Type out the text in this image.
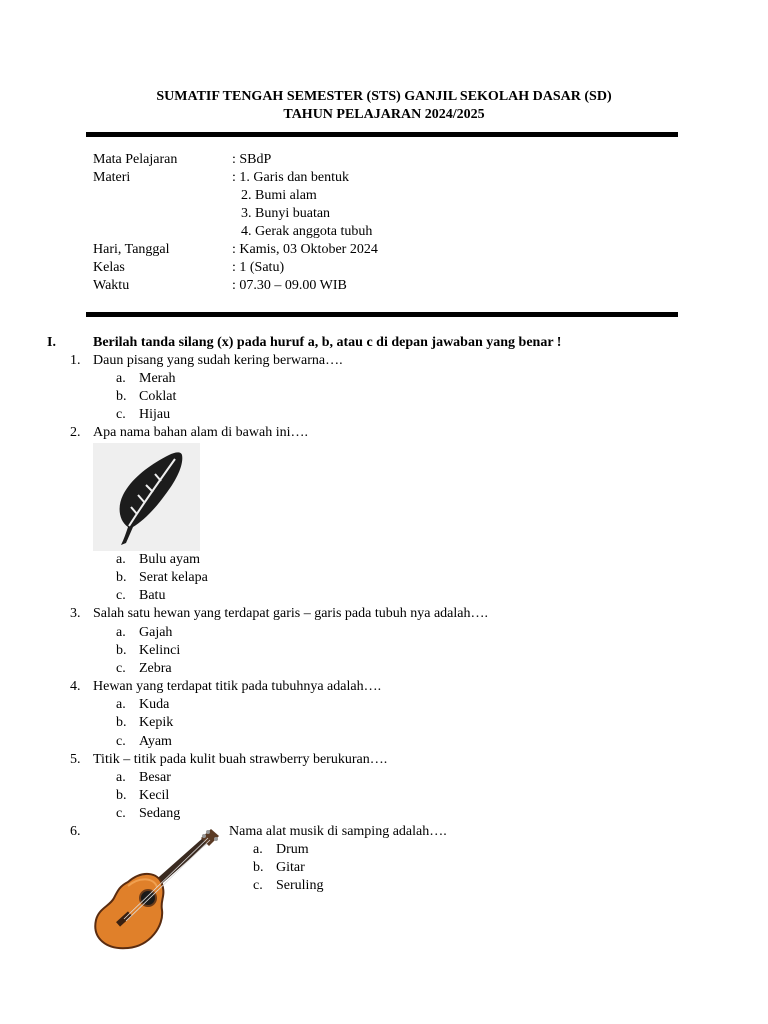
SUMATIF TENGAH SEMESTER (STS) GANJIL SEKOLAH DASAR (SD)
TAHUN PELAJARAN 2024/2025
Mata Pelajaran	: SBdP
Materi	: 1. Garis dan bentuk
2. Bumi alam
3. Bunyi buatan
4. Gerak anggota tubuh
Hari, Tanggal	: Kamis, 03 Oktober 2024
Kelas	: 1 (Satu)
Waktu	: 07.30 – 09.00 WIB
I.	Berilah tanda silang (x) pada huruf a, b, atau c di depan jawaban yang benar !
1. Daun pisang yang sudah kering berwarna….
a. Merah
b. Coklat
c. Hijau
2. Apa nama bahan alam di bawah ini….
a. Bulu ayam
b. Serat kelapa
c. Batu
3. Salah satu hewan yang terdapat garis – garis pada tubuh nya adalah….
a. Gajah
b. Kelinci
c. Zebra
4. Hewan yang terdapat titik pada tubuhnya adalah….
a. Kuda
b. Kepik
c. Ayam
5. Titik – titik pada kulit buah strawberry berukuran….
a. Besar
b. Kecil
c. Sedang
6.	Nama alat musik di samping adalah….
a. Drum
b. Gitar
c. Seruling
